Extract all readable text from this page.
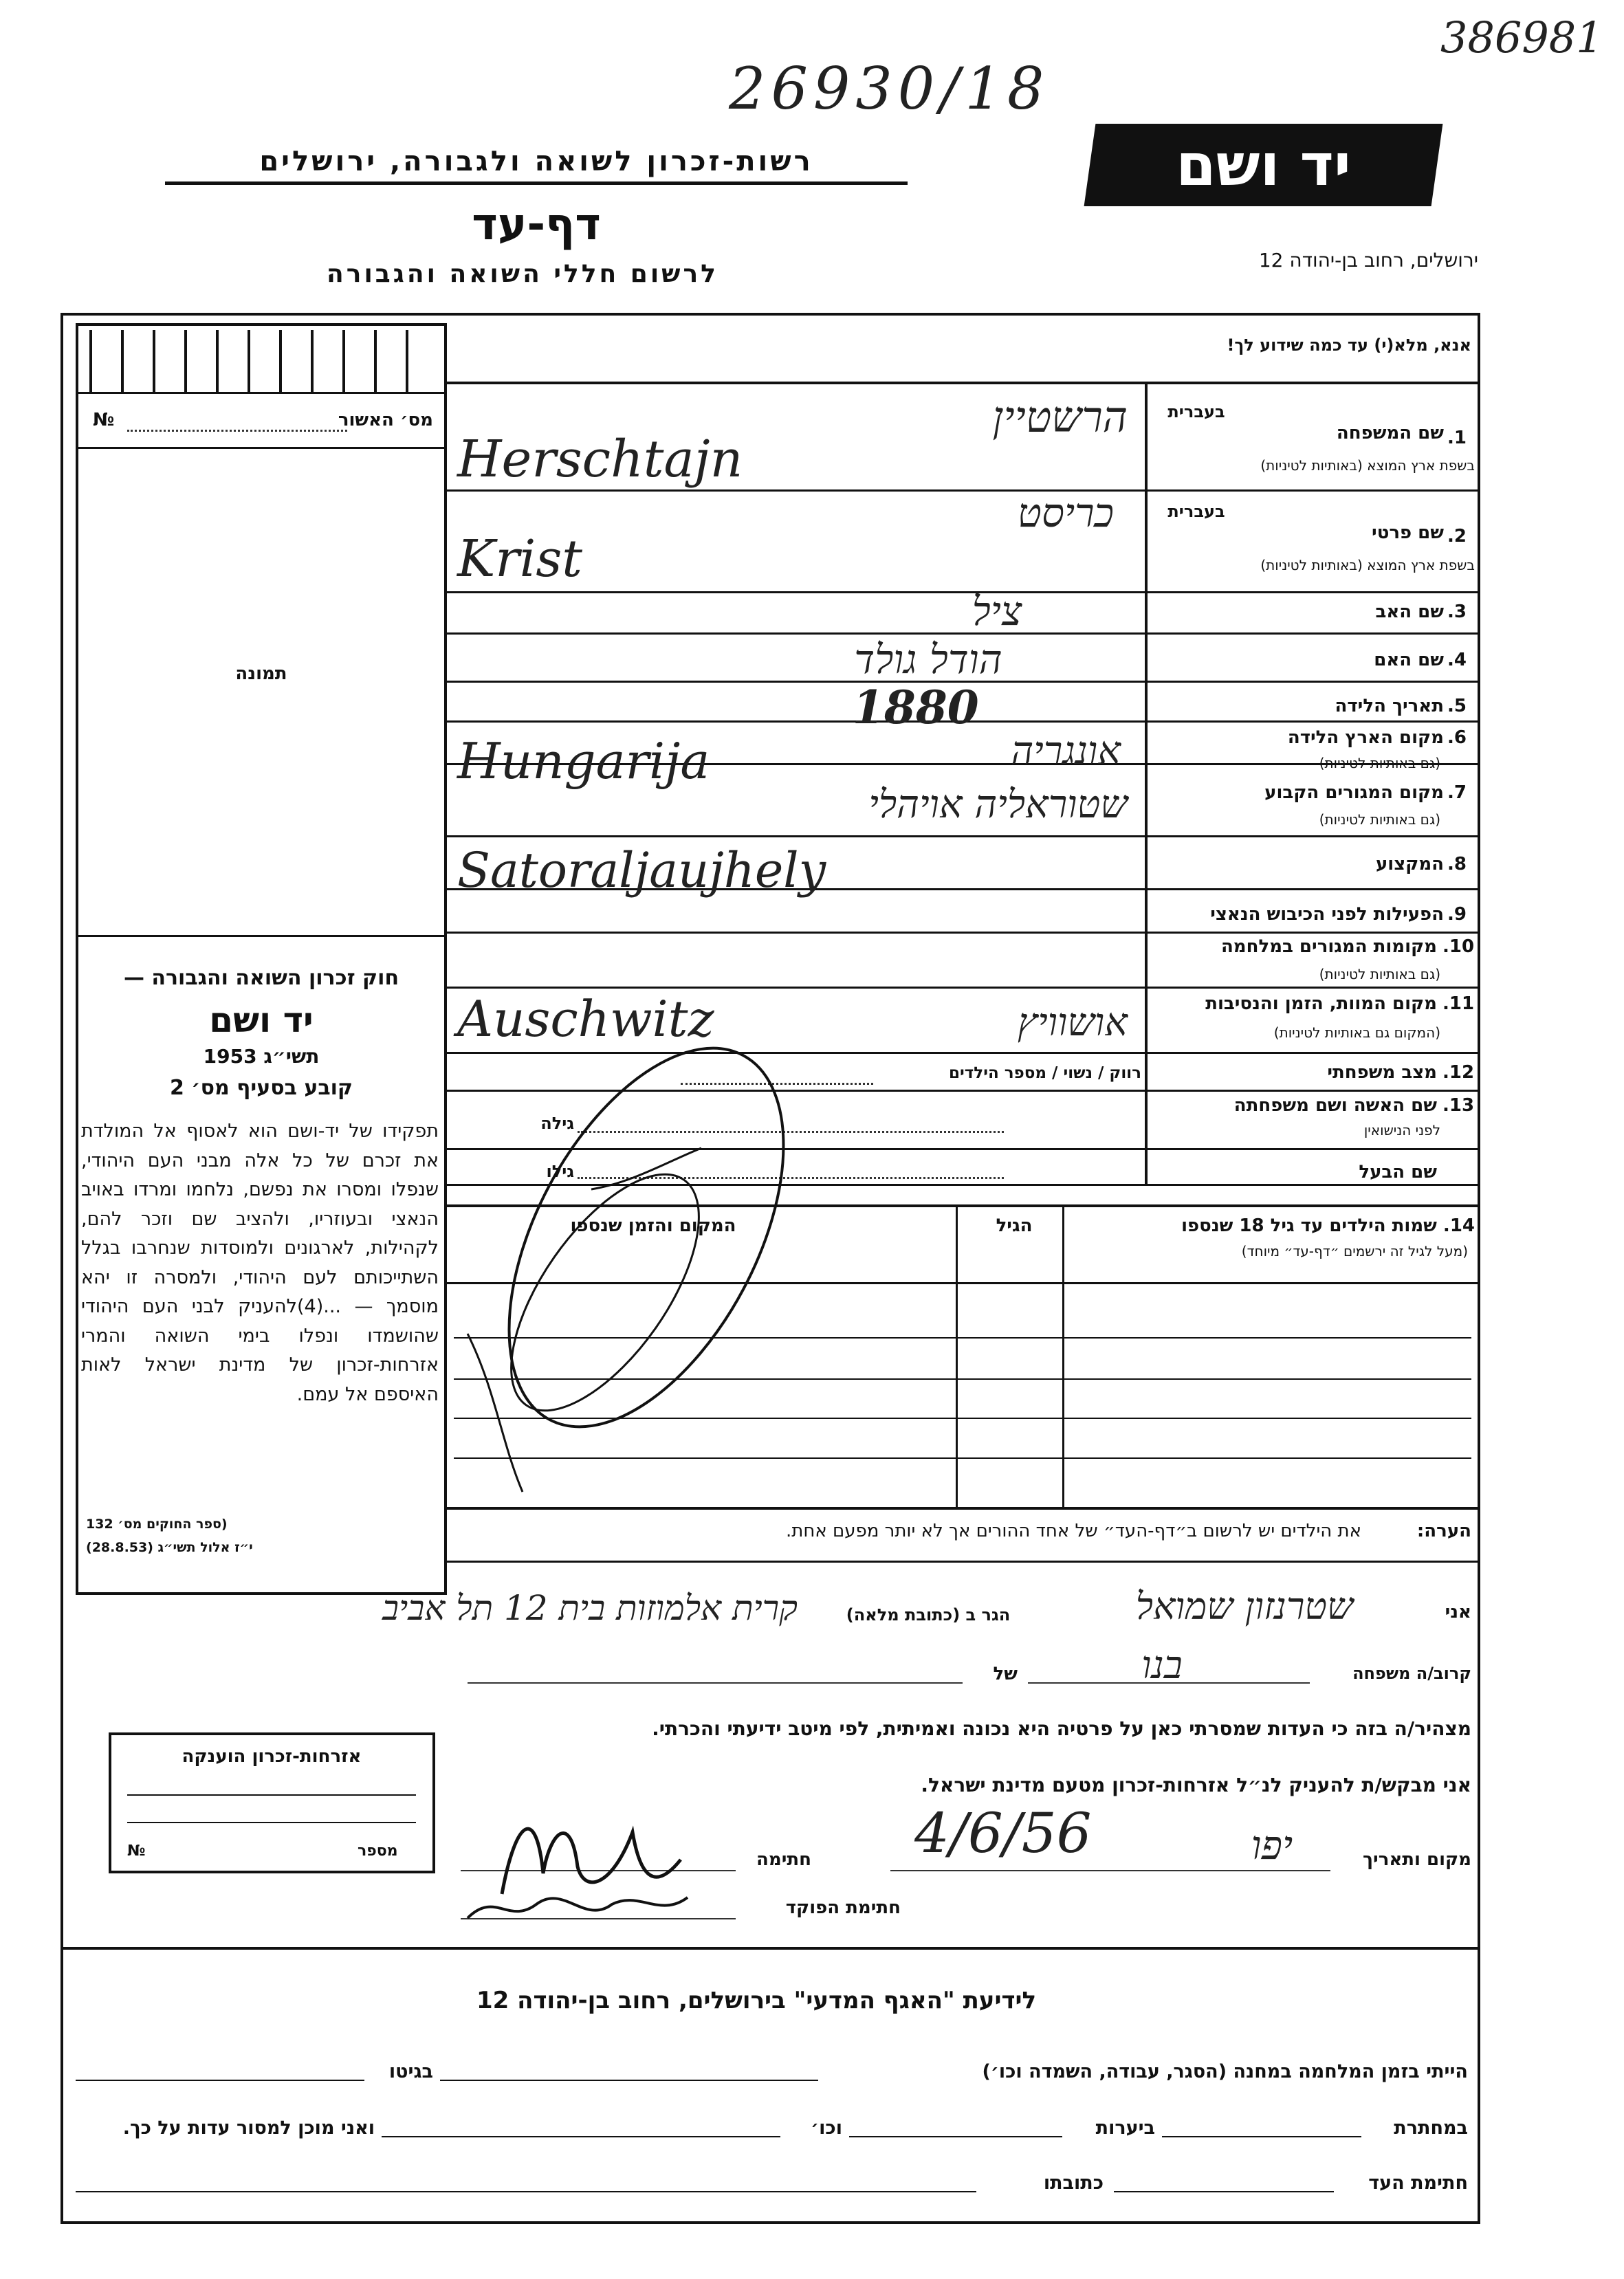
386981
26930/18
רשות-זכרון לשואה ולגבורה, ירושלים
דף-עד
לרשום חללי השואה והגבורה
יד ושם
ירושלים, רחוב בן-יהודה 12
מס׳ האשור
№
תמונה
חוק זכרון השואה והגבורה —
יד ושם
תשי״ג 1953
קובע בסעיף מס׳ 2
תפקידו של יד-ושם הוא לאסוף אל המולדת את זכרם של כל אלה מבני העם היהודי, שנפלו ומסרו את נפשם, נלחמו ומרדו באויב הנאצי ובעוזריו, ולהציב שם וזכר להם, לקהילות, לארגונים ולמוסדות שנחרבו בגלל השתייכותם לעם היהודי, ולמסרה זו יהא מוסמך — ...(4)להעניק לבני העם היהודי שהושמדו ונפלו בימי השואה והמרי אזרחות-זכרון של מדינת ישראל לאות האיספם אל עמם.
(ספר החוקים מס׳ 132
י״ז אלול תשי״ג (28.8.53)
אזרחות-זכרון הוענקה
מספר
№
אנא, מלא(י) עד כמה שידוע לך!
בעברית
1.
שם המשפחה
בשפת ארץ המוצא (באותיות לטיניות)
בעברית
2.
שם פרטי
בשפת ארץ המוצא (באותיות לטיניות)
3.
שם האב
4.
שם האם
5.
תאריך הלידה
6.
מקום הארץ הלידה
(גם באותיות לטיניות)
7.
מקום המגורים הקבוע
(גם באותיות לטיניות)
8.
המקצוע
9.
הפעילות לפני הכיבוש הנאצי
10.
מקומות המגורים במלחמה
(גם באותיות לטיניות)
11.
מקום המוות, הזמן והנסיבות
(המקום גם באותיות לטיניות)
12.
מצב משפחתי
13.
שם האשה ושם משפחתה
לפני הנישואין
שם הבעל
Herschtajn
הרשטיין
Krist
כריסט
ציל
הודל גולד
1880
Hungarija	אונגריה
שטוראליה אויהלי
Satoraljaujhely
Auschwitz	אושוויץ
רווק / נשוי / מספר הילדים
גילה
גילו
14. שמות הילדים עד גיל 18 שנספו
(מעל לגיל זה ירשמים ״דף-עד״ מיוחד)
הגיל
המקום והזמן שנספו
הערה:
את הילדים יש לרשום ב״דף-העד״ של אחד ההורים אך לא יותר מפעם אחת.
אני
שטרנזון שמואל
הגר ב (כתובת מלאה)
קרית אלמוזות בית 12 תל אביב
קרוב/ה משפחה
בנו
של
מצהיר/ה בזה כי העדות שמסרתי כאן על פרטיה היא נכונה ואמיתית, לפי מיטב ידיעתי והכרתי.
אני מבקש/ת להעניק לנ״ל אזרחות-זכרון מטעם מדינת ישראל.
מקום ותאריך
יפו
4/6/56
חתימה
חתימת הפוקד
לידיעת "האגף המדעי" בירושלים, רחוב בן-יהודה 12
הייתי בזמן המלחמה במחנה (הסגר, עבודה, השמדה וכו׳)
בגיטו
במחתרת
ביערות
וכו׳
ואני מוכן למסור עדות על כך.
חתימת העד
כתובתו
